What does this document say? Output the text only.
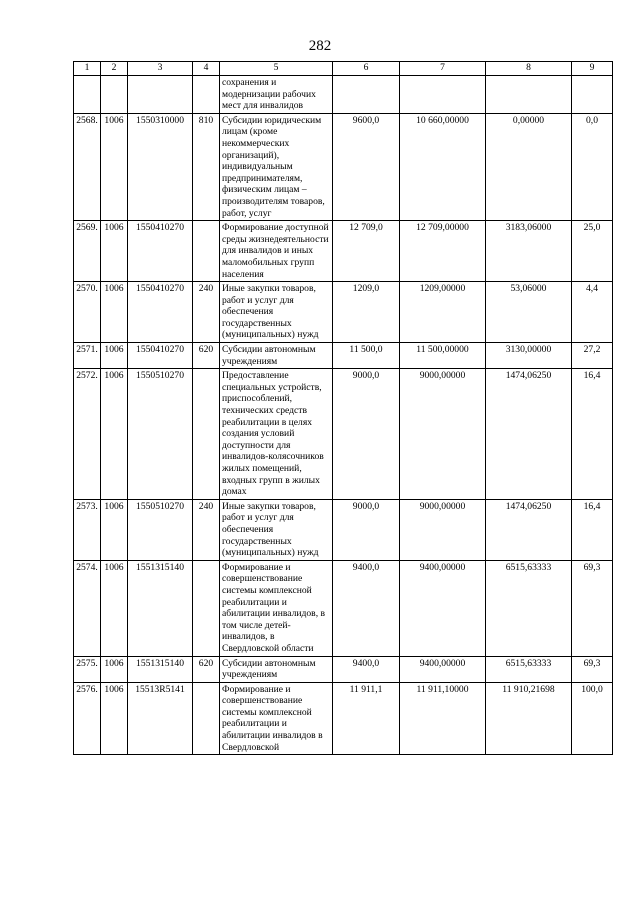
282
1	2	3	4	5	6	7	8	9
				сохранения и модернизации рабочих мест для инвалидов				
2568.	1006	1550310000	810	Субсидии юридическим лицам (кроме некоммерческих организаций), индивидуальным предпринимателям, физическим лицам – производителям товаров, работ, услуг	9600,0	10 660,00000	0,00000	0,0
2569.	1006	1550410270		Формирование доступной среды жизнедеятельности для инвалидов и иных маломобильных групп населения	12 709,0	12 709,00000	3183,06000	25,0
2570.	1006	1550410270	240	Иные закупки товаров, работ и услуг для обеспечения государственных (муниципальных) нужд	1209,0	1209,00000	53,06000	4,4
2571.	1006	1550410270	620	Субсидии автономным учреждениям	11 500,0	11 500,00000	3130,00000	27,2
2572.	1006	1550510270		Предоставление специальных устройств, приспособлений, технических средств реабилитации в целях создания условий доступности для инвалидов-колясочников жилых помещений, входных групп в жилых домах	9000,0	9000,00000	1474,06250	16,4
2573.	1006	1550510270	240	Иные закупки товаров, работ и услуг для обеспечения государственных (муниципальных) нужд	9000,0	9000,00000	1474,06250	16,4
2574.	1006	1551315140		Формирование и совершенствование системы комплексной реабилитации и абилитации инвалидов, в том числе детей-инвалидов, в Свердловской области	9400,0	9400,00000	6515,63333	69,3
2575.	1006	1551315140	620	Субсидии автономным учреждениям	9400,0	9400,00000	6515,63333	69,3
2576.	1006	15513R5141		Формирование и совершенствование системы комплексной реабилитации и абилитации инвалидов в Свердловской	11 911,1	11 911,10000	11 910,21698	100,0
